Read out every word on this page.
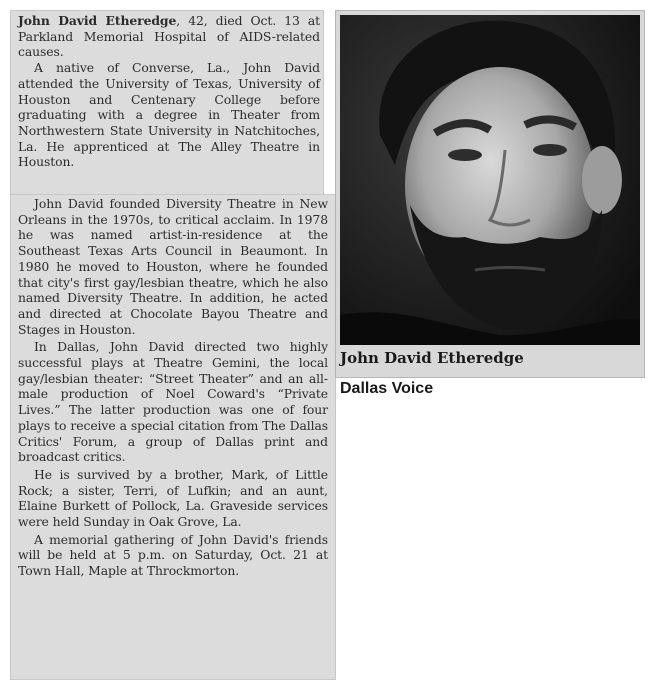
John David Etheredge, 42, died Oct. 13 at Parkland Memorial Hospital of AIDS-related causes.

A native of Converse, La., John David attended the University of Texas, University of Houston and Centenary College before graduating with a degree in Theater from Northwestern State University in Natchitoches, La. He apprenticed at The Alley Theatre in Houston.

John David founded Diversity Theatre in New Orleans in the 1970s, to critical acclaim. In 1978 he was named artist-in-residence at the Southeast Texas Arts Council in Beaumont. In 1980 he moved to Houston, where he founded that city's first gay/lesbian theatre, which he also named Diversity Theatre. In addition, he acted and directed at Chocolate Bayou Theatre and Stages in Houston.

In Dallas, John David directed two highly successful plays at Theatre Gemini, the local gay/lesbian theater: “Street Theater” and an all-male production of Noel Coward's “Private Lives.” The latter production was one of four plays to receive a special citation from The Dallas Critics' Forum, a group of Dallas print and broadcast critics.

He is survived by a brother, Mark, of Little Rock; a sister, Terri, of Lufkin; and an aunt, Elaine Burkett of Pollock, La. Graveside services were held Sunday in Oak Grove, La.

A memorial gathering of John David's friends will be held at 5 p.m. on Saturday, Oct. 21 at Town Hall, Maple at Throckmorton.

John David Etheredge
Dallas Voice
